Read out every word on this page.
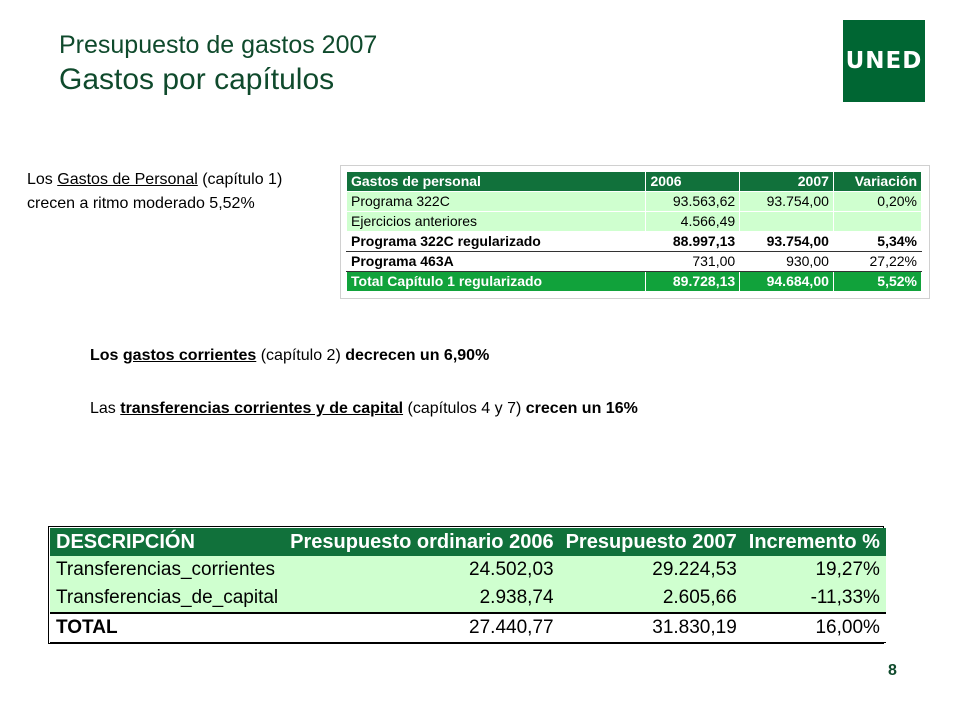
Presupuesto de gastos 2007
Gastos por capítulos
UNED
Los Gastos de Personal (capítulo 1) crecen a ritmo moderado 5,52%
Gastos de personal	2006	2007	Variación
Programa 322C	93.563,62	93.754,00	0,20%
Ejercicios anteriores	4.566,49		
Programa 322C regularizado	88.997,13	93.754,00	5,34%
Programa 463A	731,00	930,00	27,22%
Total Capítulo 1 regularizado	89.728,13	94.684,00	5,52%
Los gastos corrientes (capítulo 2) decrecen un 6,90%
Las transferencias corrientes y de capital (capítulos 4 y 7) crecen un 16%
DESCRIPCIÓN	Presupuesto ordinario 2006	Presupuesto 2007	Incremento %
Transferencias_corrientes	24.502,03	29.224,53	19,27%
Transferencias_de_capital	2.938,74	2.605,66	-11,33%
TOTAL	27.440,77	31.830,19	16,00%
8
